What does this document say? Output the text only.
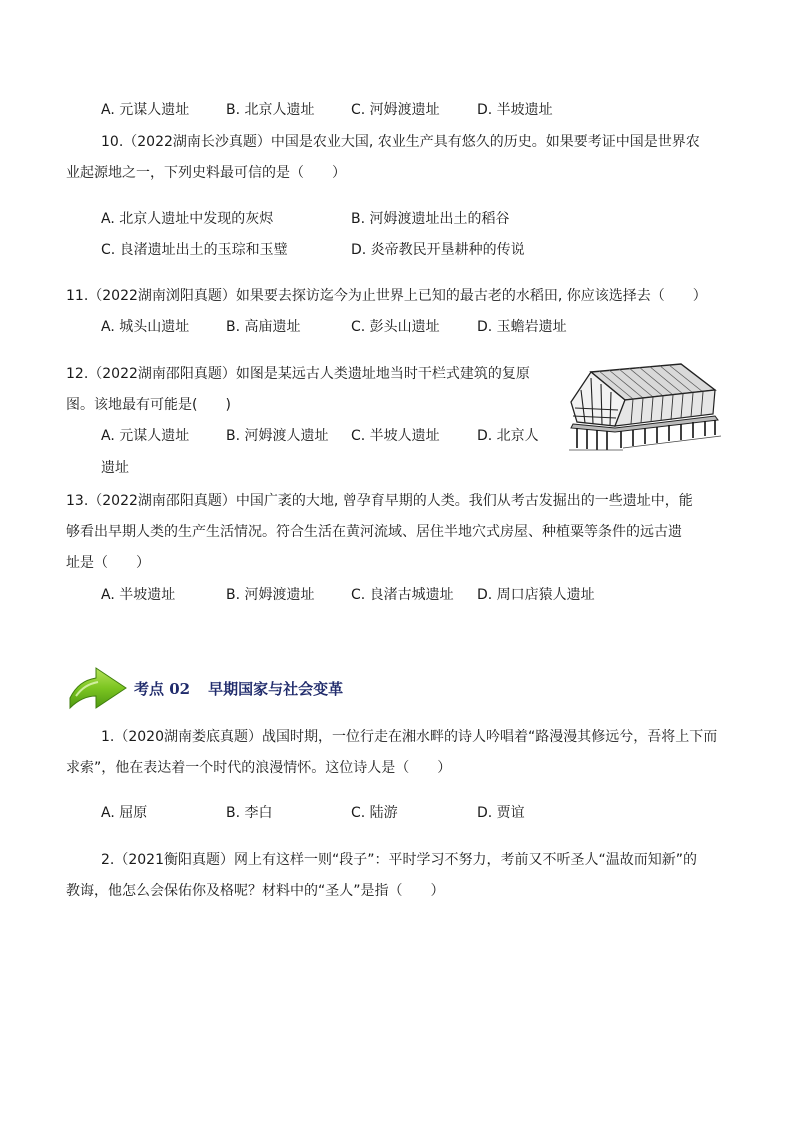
A. 元谋人遗址	B. 北京人遗址	C. 河姆渡遗址	D. 半坡遗址
10.（2022湖南长沙真题）中国是农业大国, 农业生产具有悠久的历史。如果要考证中国是世界农
业起源地之一，下列史料最可信的是（　　）
A. 北京人遗址中发现的灰烬	B. 河姆渡遗址出土的稻谷
C. 良渚遗址出土的玉琮和玉璧	D. 炎帝教民开垦耕种的传说
11.（2022湖南浏阳真题）如果要去探访迄今为止世界上已知的最古老的水稻田, 你应该选择去（　　）
A. 城头山遗址	B. 高庙遗址	C. 彭头山遗址	D. 玉蟾岩遗址
12.（2022湖南邵阳真题）如图是某远古人类遗址地当时干栏式建筑的复原
图。该地最有可能是(　　)
A. 元谋人遗址	B. 河姆渡人遗址 C. 半坡人遗址	D. 北京人
遗址
13.（2022湖南邵阳真题）中国广袤的大地, 曾孕育早期的人类。我们从考古发掘出的一些遗址中，能
够看出早期人类的生产生活情况。符合生活在黄河流域、居住半地穴式房屋、种植粟等条件的远古遗
址是（　　）
A. 半坡遗址	B. 河姆渡遗址	C. 良渚古城遗址 D. 周口店猿人遗址
考点 02 早期国家与社会变革
1.（2020湖南娄底真题）战国时期，一位行走在湘水畔的诗人吟唱着“路漫漫其修远兮，吾将上下而
求索”，他在表达着一个时代的浪漫情怀。这位诗人是（　　）
A. 屈原	B. 李白	C. 陆游	D. 贾谊
2.（2021衡阳真题）网上有这样一则“段子”：平时学习不努力，考前又不听圣人“温故而知新”的
教诲，他怎么会保佑你及格呢？材料中的“圣人”是指（　　）
